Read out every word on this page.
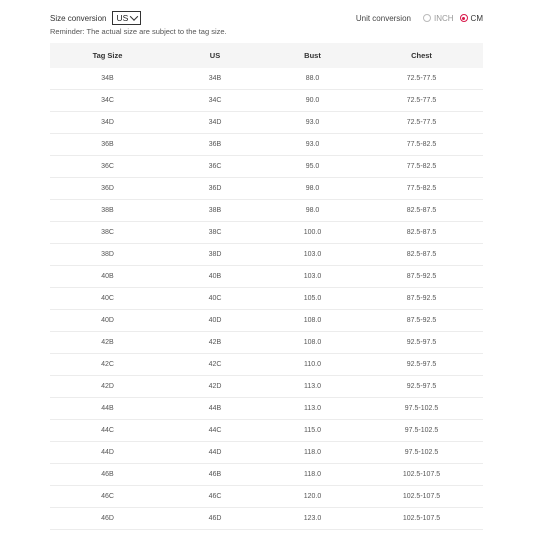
Size conversion US	Unit conversion	INCH CM
Reminder: The actual size are subject to the tag size.
Tag Size	US	Bust	Chest
34B	34B	88.0	72.5-77.5
34C	34C	90.0	72.5-77.5
34D	34D	93.0	72.5-77.5
36B	36B	93.0	77.5-82.5
36C	36C	95.0	77.5-82.5
36D	36D	98.0	77.5-82.5
38B	38B	98.0	82.5-87.5
38C	38C	100.0	82.5-87.5
38D	38D	103.0	82.5-87.5
40B	40B	103.0	87.5-92.5
40C	40C	105.0	87.5-92.5
40D	40D	108.0	87.5-92.5
42B	42B	108.0	92.5-97.5
42C	42C	110.0	92.5-97.5
42D	42D	113.0	92.5-97.5
44B	44B	113.0	97.5-102.5
44C	44C	115.0	97.5-102.5
44D	44D	118.0	97.5-102.5
46B	46B	118.0	102.5-107.5
46C	46C	120.0	102.5-107.5
46D	46D	123.0	102.5-107.5
